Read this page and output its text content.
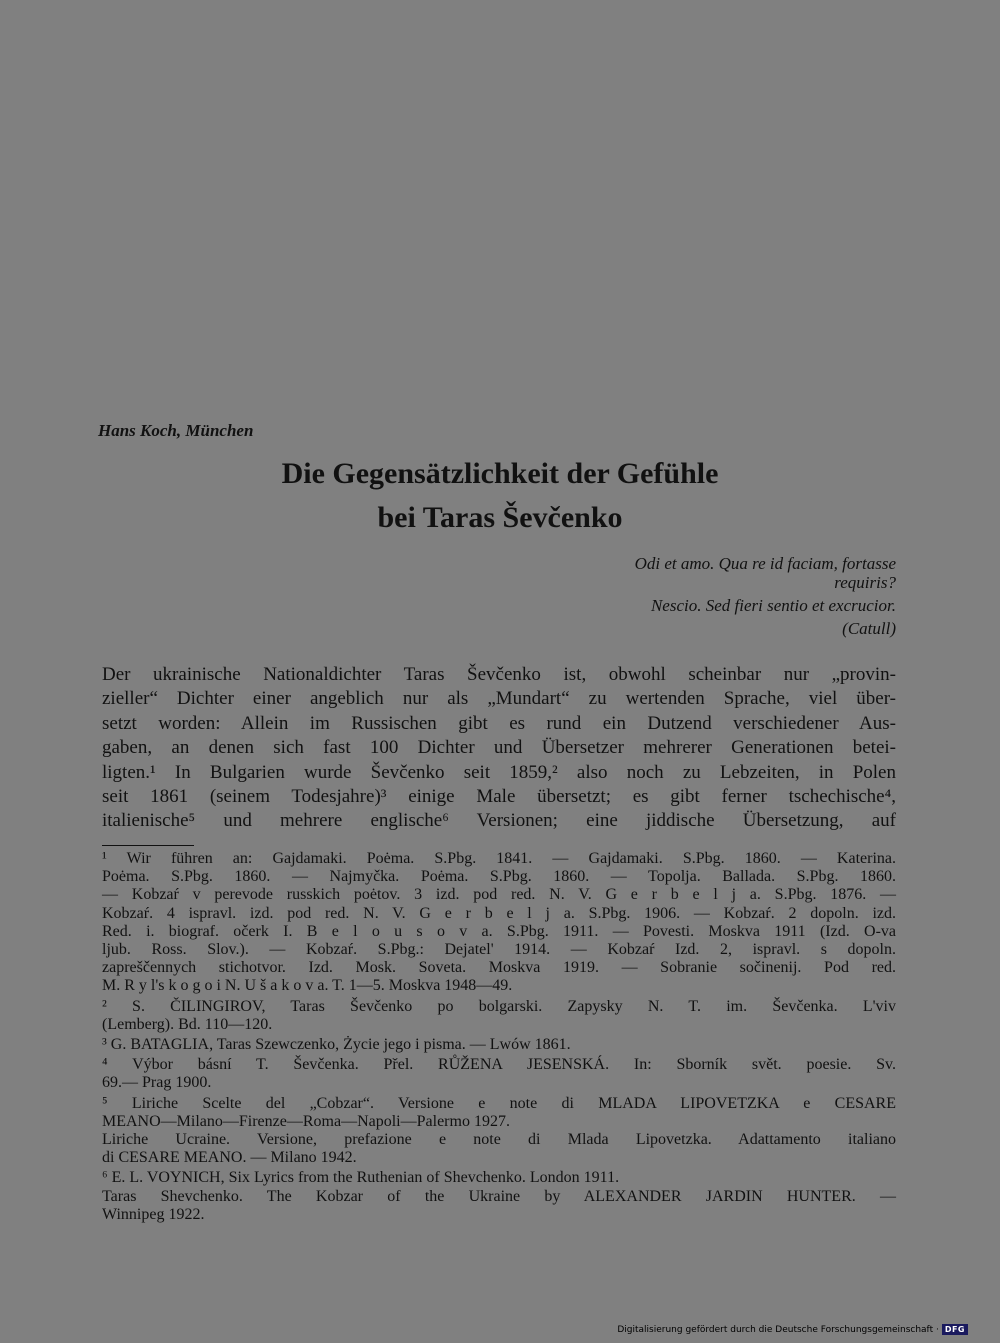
Hans Koch, München
Die Gegensätzlichkeit der Gefühle
bei Taras Ševčenko
Odi et amo. Qua re id faciam, fortasse
requiris?
Nescio. Sed fieri sentio et excrucior.
(Catull)
Der ukrainische Nationaldichter Taras Ševčenko ist, obwohl scheinbar nur „provin-
zieller“ Dichter einer angeblich nur als „Mundart“ zu wertenden Sprache, viel über-
setzt worden: Allein im Russischen gibt es rund ein Dutzend verschiedener Aus-
gaben, an denen sich fast 100 Dichter und Übersetzer mehrerer Generationen betei-
ligten.¹ In Bulgarien wurde Ševčenko seit 1859,² also noch zu Lebzeiten, in Polen
seit 1861 (seinem Todesjahre)³ einige Male übersetzt; es gibt ferner tschechische⁴,
italienische⁵ und mehrere englische⁶ Versionen; eine jiddische Übersetzung, auf
¹ Wir führen an: Gajdamaki. Poėma. S.Pbg. 1841. — Gajdamaki. S.Pbg. 1860. — Katerina.
Poėma. S.Pbg. 1860. — Najmyčka. Poėma. S.Pbg. 1860. — Topolja. Ballada. S.Pbg. 1860.
— Kobzaŕ v perevode russkich poėtov. 3 izd. pod red. N. V. G e r b e l j a. S.Pbg. 1876. —
Kobzaŕ. 4 ispravl. izd. pod red. N. V. G e r b e l j a. S.Pbg. 1906. — Kobzaŕ. 2 dopoln. izd.
Red. i. biograf. očerk I. B e l o u s o v a. S.Pbg. 1911. — Povesti. Moskva 1911 (Izd. O-va
ljub. Ross. Slov.). — Kobzaŕ. S.Pbg.: Dejatel' 1914. — Kobzaŕ Izd. 2, ispravl. s dopoln.
zapreščennych stichotvor. Izd. Mosk. Soveta. Moskva 1919. — Sobranie sočinenij. Pod red.
M. R y l's k o g o i N. U š a k o v a. T. 1—5. Moskva 1948—49.
² S. ČILINGIROV, Taras Ševčenko po bolgarski. Zapysky N. T. im. Ševčenka. L'viv
(Lemberg). Bd. 110—120.
³ G. BATAGLIA, Taras Szewczenko, Życie jego i pisma. — Lwów 1861.
⁴ Výbor básní T. Ševčenka. Přel. RŮŽENA JESENSKÁ. In: Sborník svět. poesie. Sv.
69.— Prag 1900.
⁵ Liriche Scelte del „Cobzar“. Versione e note di MLADA LIPOVETZKA e CESARE
MEANO—Milano—Firenze—Roma—Napoli—Palermo 1927.
Liriche Ucraine. Versione, prefazione e note di Mlada Lipovetzka. Adattamento italiano
di CESARE MEANO. — Milano 1942.
⁶ E. L. VOYNICH, Six Lyrics from the Ruthenian of Shevchenko. London 1911.
Taras Shevchenko. The Kobzar of the Ukraine by ALEXANDER JARDIN HUNTER. —
Winnipeg 1922.
Digitalisierung gefördert durch die Deutsche Forschungsgemeinschaft · DFG
